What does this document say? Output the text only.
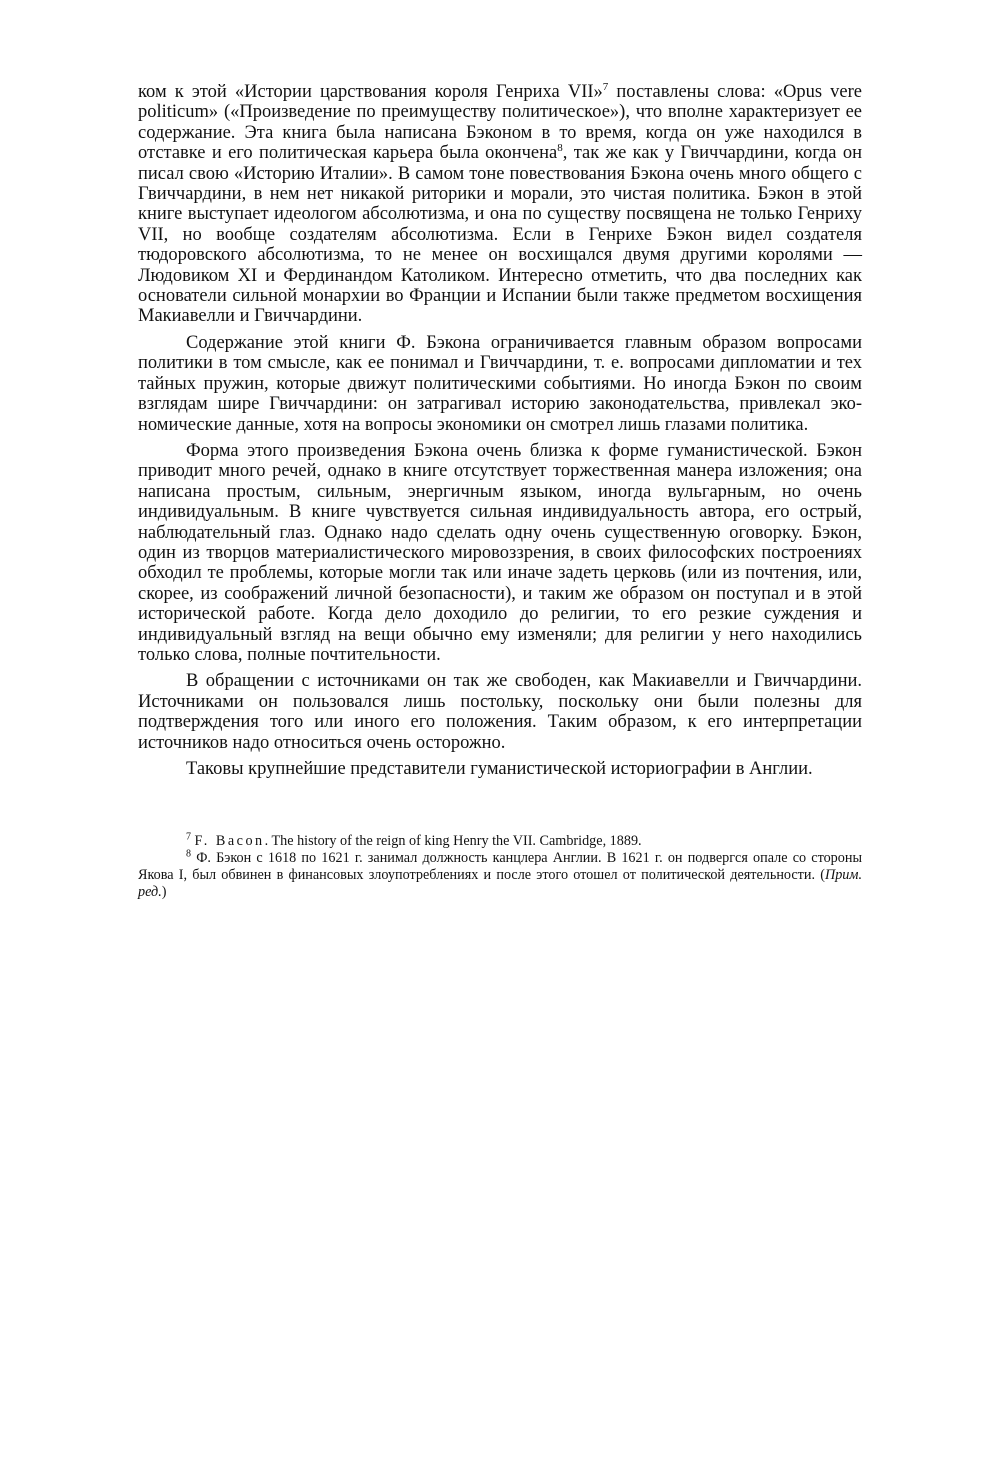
ком к этой «Истории царствования короля Генриха VII»$^7$ поставлены слова: «Opus vere politicum» («Произведение по преимуществу политическое»), что вполне характеризует ее содержание. Эта книга была написана Бэконом в то время, когда он уже находился в отставке и его политическая карьера была окончена$^8$, так же как у Гвиччардини, когда он писал свою «Историю Италии». В самом тоне повествования Бэкона очень много общего с Гвиччардини, в нем нет никакой риторики и морали, это чистая политика. Бэкон в этой книге выступает идеологом абсолютизма, и она по существу посвящена не только Генриху VII, но вообще создателям абсолютизма. Если в Генрихе Бэкон видел создателя тюдоровского абсолютизма, то не менее он восхищался двумя другими королями — Людовиком XI и Фердинандом Католиком. Интересно отметить, что два последних как основатели сильной монархии во Франции и Испании были также предметом восхищения Макиавелли и Гвиччардини.

Содержание этой книги Ф. Бэкона ограничивается главным образом вопросами политики в том смысле, как ее понимал и Гвиччардини, т. е. вопросами дипломатии и тех тайных пружин, которые движут политическими событиями. Но иногда Бэкон по своим взглядам шире Гвиччардини: он затрагивал историю законодательства, привлекал экономические данные, хотя на вопросы экономики он смотрел лишь глазами политика.

Форма этого произведения Бэкона очень близка к форме гуманистической. Бэкон приводит много речей, однако в книге отсутствует торжественная манера изложения; она написана простым, сильным, энергичным языком, иногда вульгарным, но очень индивидуальным. В книге чувствуется сильная индивидуальность автора, его острый, наблюдательный глаз. Однако надо сделать одну очень существенную оговорку. Бэкон, один из творцов материалистического мировоззрения, в своих философских построениях обходил те проблемы, которые могли так или иначе задеть церковь (или из почтения, или, скорее, из соображений личной безопасности), и таким же образом он поступал и в этой исторической работе. Когда дело доходило до религии, то его резкие суждения и индивидуальный взгляд на вещи обычно ему изменяли; для религии у него находились только слова, полные почтительности.

В обращении с источниками он так же свободен, как Макиавелли и Гвиччардини. Источниками он пользовался лишь постольку, поскольку они были полезны для подтверждения того или иного его положения. Таким образом, к его интерпретации источников надо относиться очень осторожно.

Таковы крупнейшие представители гуманистической историографии в Англии.

$^7$ F. Bacon. The history of the reign of king Henry the VII. Cambridge, 1889.

$^8$ Ф. Бэкон с 1618 по 1621 г. занимал должность канцлера Англии. В 1621 г. он подвергся опале со стороны Якова I, был обвинен в финансовых злоупотреблениях и после этого отошел от политической деятельности. (Прим. ред.)
